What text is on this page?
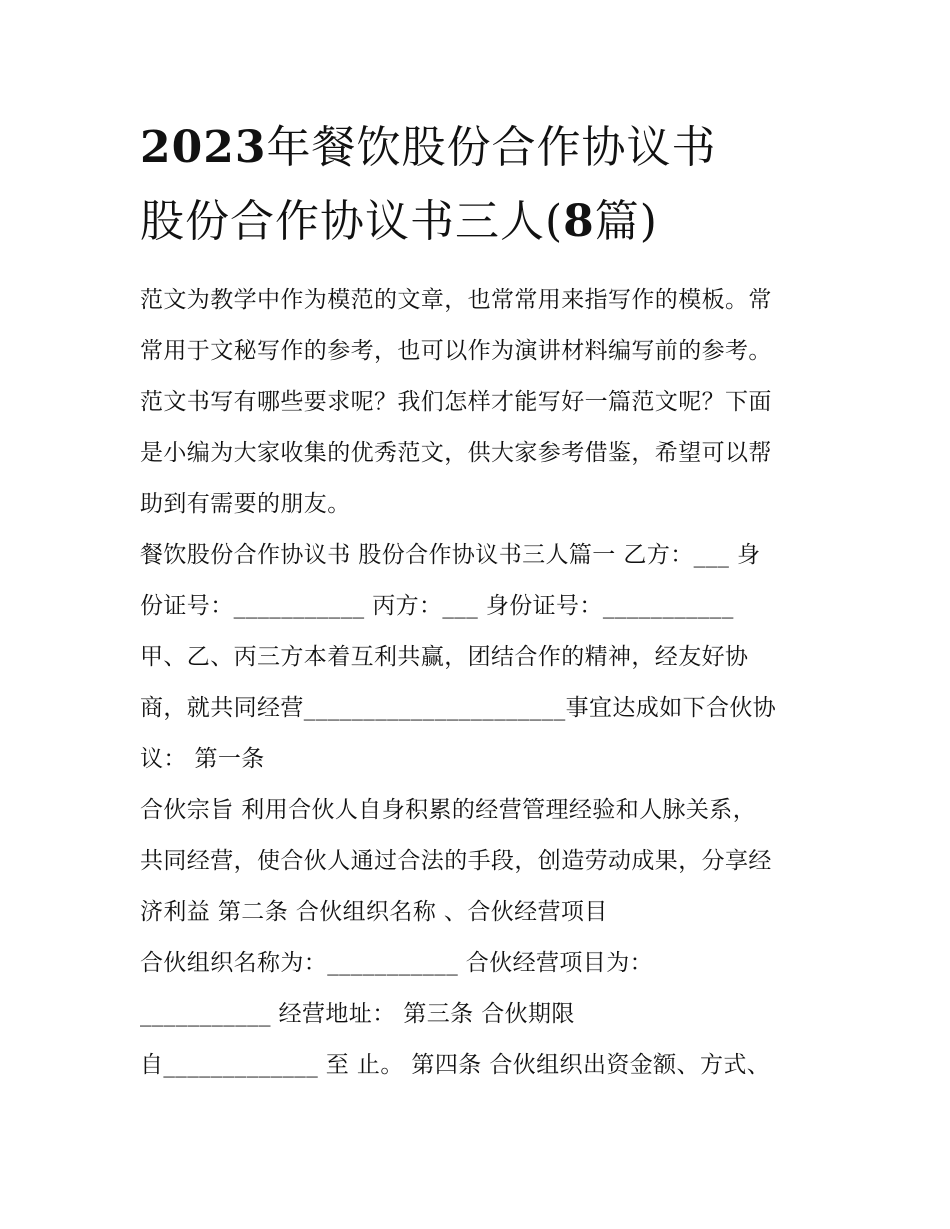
2023年餐饮股份合作协议书
股份合作协议书三人(8篇)
范文为教学中作为模范的文章，也常常用来指写作的模板。常
常用于文秘写作的参考，也可以作为演讲材料编写前的参考。
范文书写有哪些要求呢？我们怎样才能写好一篇范文呢？下面
是小编为大家收集的优秀范文，供大家参考借鉴，希望可以帮
助到有需要的朋友。
餐饮股份合作协议书 股份合作协议书三人篇一 乙方：___ 身
份证号：___________ 丙方：___ 身份证号：___________
甲、乙、丙三方本着互利共赢，团结合作的精神，经友好协
商，就共同经营______________________事宜达成如下合伙协
议： 第一条
合伙宗旨 利用合伙人自身积累的经营管理经验和人脉关系，
共同经营，使合伙人通过合法的手段，创造劳动成果，分享经
济利益 第二条 合伙组织名称 、合伙经营项目
合伙组织名称为：___________ 合伙经营项目为：
___________ 经营地址： 第三条 合伙期限
自_____________ 至 止。 第四条 合伙组织出资金额、方式、
